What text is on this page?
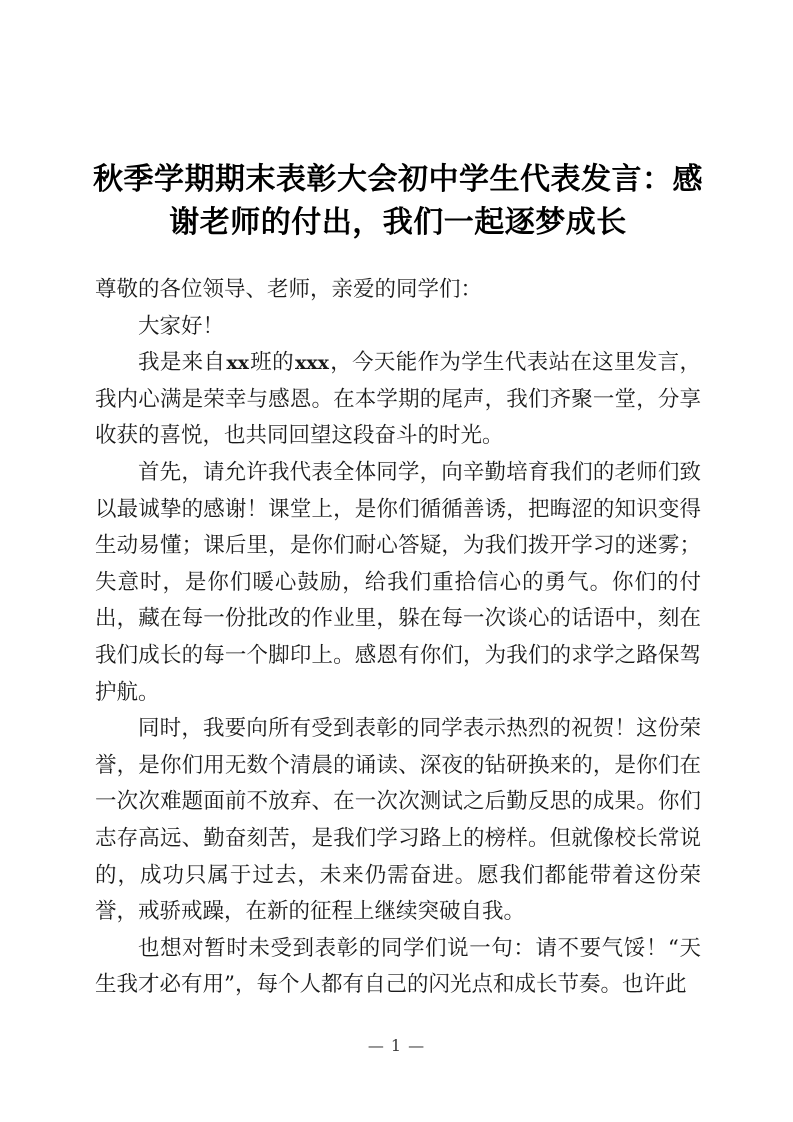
秋季学期期末表彰大会初中学生代表发言：感谢老师的付出，我们一起逐梦成长

尊敬的各位领导、老师，亲爱的同学们：

大家好！

我是来自xx班的xxx，今天能作为学生代表站在这里发言，我内心满是荣幸与感恩。在本学期的尾声，我们齐聚一堂，分享收获的喜悦，也共同回望这段奋斗的时光。

首先，请允许我代表全体同学，向辛勤培育我们的老师们致以最诚挚的感谢！课堂上，是你们循循善诱，把晦涩的知识变得生动易懂；课后里，是你们耐心答疑，为我们拨开学习的迷雾；失意时，是你们暖心鼓励，给我们重拾信心的勇气。你们的付出，藏在每一份批改的作业里，躲在每一次谈心的话语中，刻在我们成长的每一个脚印上。感恩有你们，为我们的求学之路保驾护航。

同时，我要向所有受到表彰的同学表示热烈的祝贺！这份荣誉，是你们用无数个清晨的诵读、深夜的钻研换来的，是你们在一次次难题面前不放弃、在一次次测试之后勤反思的成果。你们志存高远、勤奋刻苦，是我们学习路上的榜样。但就像校长常说的，成功只属于过去，未来仍需奋进。愿我们都能带着这份荣誉，戒骄戒躁，在新的征程上继续突破自我。

也想对暂时未受到表彰的同学们说一句：请不要气馁！“天生我才必有用”，每个人都有自己的闪光点和成长节奏。也许此

— 1 —
